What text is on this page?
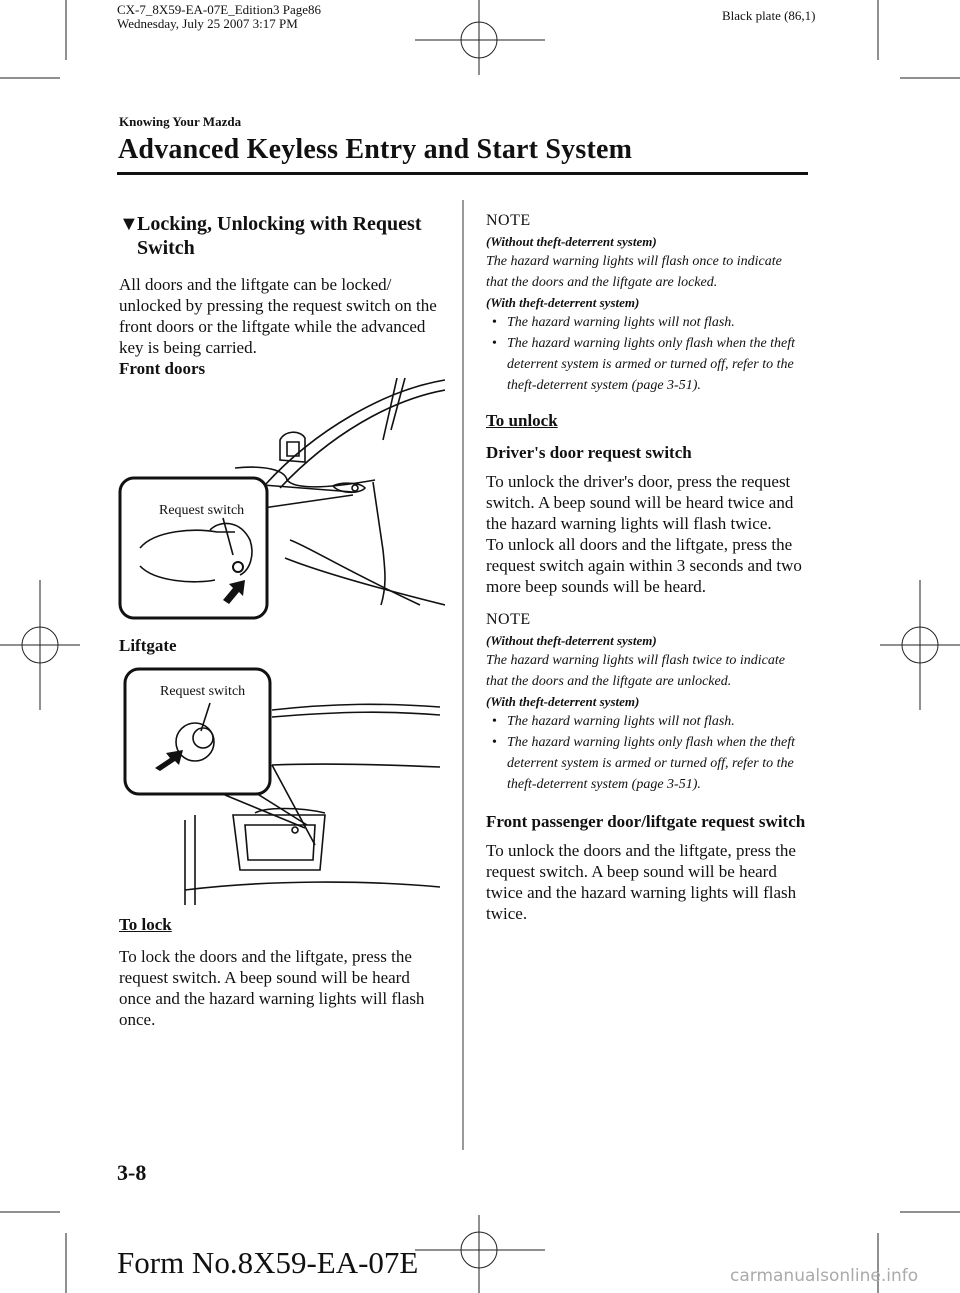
CX-7_8X59-EA-07E_Edition3 Page86
Wednesday, July 25 2007 3:17 PM
Black plate (86,1)
Knowing Your Mazda
Advanced Keyless Entry and Start System
▼Locking, Unlocking with Request
Switch

All doors and the liftgate can be locked/ unlocked by pressing the request switch on the front doors or the liftgate while the advanced key is being carried.

Front doors

Request switch
Liftgate
Request switch
To lock

To lock the doors and the liftgate, press the request switch. A beep sound will be heard once and the hazard warning lights will flash once.

NOTE
(Without theft-deterrent system)
The hazard warning lights will flash once to indicate that the doors and the liftgate are locked.
(With theft-deterrent system)
• The hazard warning lights will not flash.
• The hazard warning lights only flash when the theft deterrent system is armed or turned off, refer to the theft-deterrent system (page 3-51).
To unlock
Driver's door request switch

To unlock the driver's door, press the request switch. A beep sound will be heard twice and the hazard warning lights will flash twice.

To unlock all doors and the liftgate, press the request switch again within 3 seconds and two more beep sounds will be heard.

NOTE
(Without theft-deterrent system)
The hazard warning lights will flash twice to indicate that the doors and the liftgate are unlocked.
(With theft-deterrent system)
• The hazard warning lights will not flash.
• The hazard warning lights only flash when the theft deterrent system is armed or turned off, refer to the theft-deterrent system (page 3-51).
Front passenger door/liftgate request switch

To unlock the doors and the liftgate, press the request switch. A beep sound will be heard twice and the hazard warning lights will flash twice.

3-8
Form No.8X59-EA-07E	carmanualsonline.info
